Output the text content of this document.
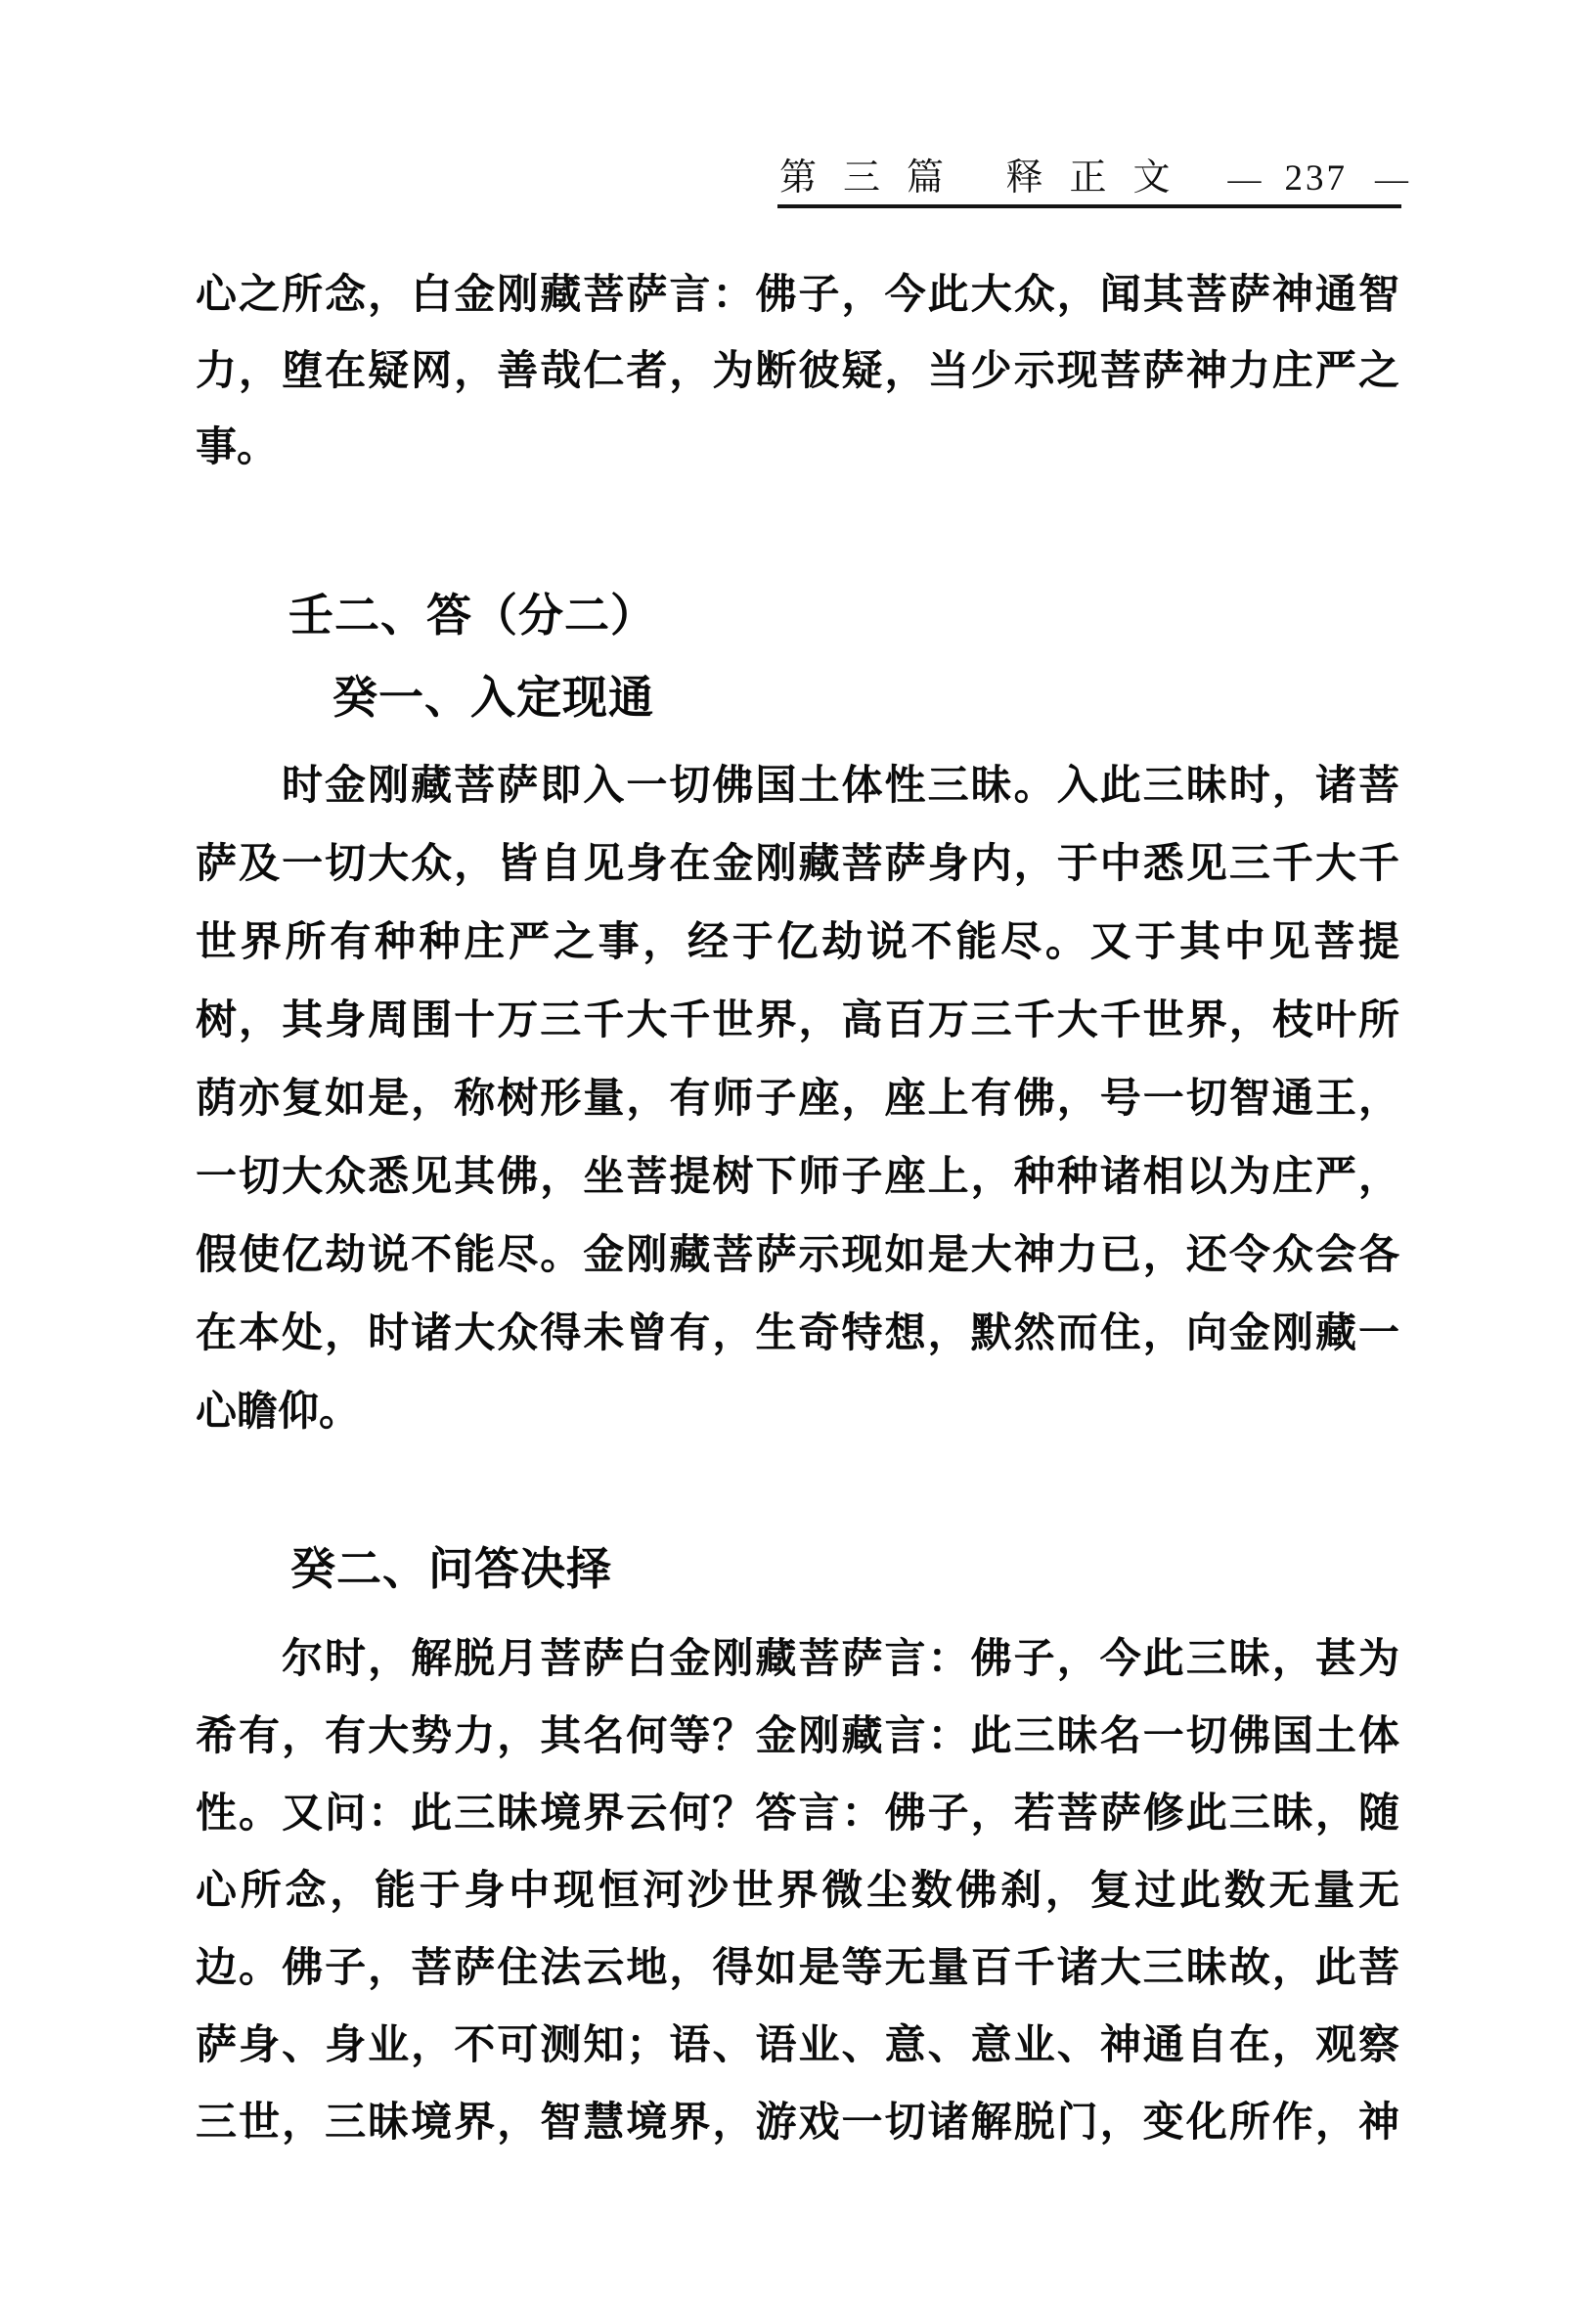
第三篇 释正文 — 237 —
心之所念，白金刚藏菩萨言：佛子，今此大众，闻其菩萨神通智
力，堕在疑网，善哉仁者，为断彼疑，当少示现菩萨神力庄严之
事。
壬二、答（分二）
癸一、入定现通
时金刚藏菩萨即入一切佛国土体性三昧。入此三昧时，诸菩
萨及一切大众，皆自见身在金刚藏菩萨身内，于中悉见三千大千
世界所有种种庄严之事，经于亿劫说不能尽。又于其中见菩提
树，其身周围十万三千大千世界，高百万三千大千世界，枝叶所
荫亦复如是，称树形量，有师子座，座上有佛，号一切智通王，
一切大众悉见其佛，坐菩提树下师子座上，种种诸相以为庄严，
假使亿劫说不能尽。金刚藏菩萨示现如是大神力已，还令众会各
在本处，时诸大众得未曾有，生奇特想，默然而住，向金刚藏一
心瞻仰。
癸二、问答决择
尔时，解脱月菩萨白金刚藏菩萨言：佛子，今此三昧，甚为
希有，有大势力，其名何等？金刚藏言：此三昧名一切佛国土体
性。又问：此三昧境界云何？答言：佛子，若菩萨修此三昧，随
心所念，能于身中现恒河沙世界微尘数佛刹，复过此数无量无
边。佛子，菩萨住法云地，得如是等无量百千诸大三昧故，此菩
萨身、身业，不可测知；语、语业、意、意业、神通自在，观察
三世，三昧境界，智慧境界，游戏一切诸解脱门，变化所作，神
